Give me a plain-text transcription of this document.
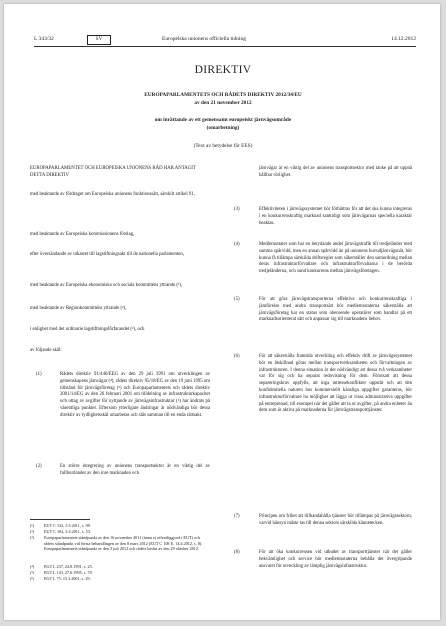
L 343/32	SV	Europeiska unionens officiella tidning	14.12.2012
DIREKTIV
EUROPAPARLAMENTETS OCH RÅDETS DIREKTIV 2012/34/EU
av den 21 november 2012
om inrättande av ett gemensamt europeiskt järnvägsområde
(omarbetning)
(Text av betydelse för EES)
EUROPAPARLAMENTET OCH EUROPEISKA UNIONENS RÅD HAR ANTAGIT DETTA DIREKTIV
med beaktande av fördraget om Europeiska unionens funktionssätt, särskilt artikel 91,
med beaktande av Europeiska kommissionens förslag,
efter översändande av utkastet till lagstiftningsakt till de nationella parlamenten,
med beaktande av Europeiska ekonomiska och sociala kommitténs yttrande (¹),
med beaktande av Regionkommitténs yttrande (²),
i enlighet med det ordinarie lagstiftningsförfarandet (³), och
av följande skäl:
(1)	Rådets direktiv 91/440/EEG av den 29 juli 1991 om utvecklingen av gemenskapens järnvägar (⁴), rådets direktiv 95/18/EG av den 19 juni 1995 om tillstånd för järnvägsföretag (⁵) och Europaparlamentets och rådets direktiv 2001/14/EG av den 26 februari 2001 om tilldelning av infrastrukturkapacitet och uttag av avgifter för nyttjande av järnvägsinfrastruktur (⁶) har ändrats på väsentliga punkter. Eftersom ytterligare ändringar är nödvändiga bör dessa direktiv av tydlighetsskäl omarbetas och slås samman till en enda rättsakt.
(2)	En större integrering av unionens transportsektor är en viktig del av fullbordandet av den inre marknaden och
(¹) EUT C 132, 3.5.2011, s. 99.
(²) EUT C 104, 2.4.2011, s. 53.
(³) Europaparlamentets ståndpunkt av den 16 november 2011 (ännu ej offentliggjord i EUT) och rådets ståndpunkt vid första behandlingen av den 8 mars 2012 (EUT C 108 E, 14.4.2012, s. 8). Europaparlamentets ståndpunkt av den 3 juli 2012 och rådets beslut av den 29 oktober 2012.
(⁴) EGT L 237, 24.8.1991, s. 25.
(⁵) EGT L 143, 27.6.1995, s. 70.
(⁶) EGT L 75, 15.3.2001, s. 29.
järnvägar är en viktig del av unionens transportsektor med tanke på att uppnå hållbar rörlighet.
(3)	Effektiviteten i järnvägssystemet bör förbättras för att det ska kunna integreras i en konkurrenskraftig marknad samtidigt som järnvägarnas speciella karaktär beaktas.
(4)	Medlemsstater som har en betydande andel järnvägstrafik till tredjeländer med samma spårvidd, men en annan spårvidd än på unionens huvudjärnvägsnät, bör kunna få tillämpa särskilda driftsregler som säkerställer den samordning mellan deras infrastrukturförvaltare och infrastrukturförvaltarna i de berörda tredjeländerna, och sund konkurrens mellan järnvägsföretagen.
(5)	För att göra järnvägstransporterna effektiva och konkurrenskraftiga i jämförelse med andra transportsätt bör medlemsstaterna säkerställa att järnvägsföretag har en status som oberoende operatörer som handlar på ett marknadsorienterat sätt och anpassar sig till marknadens behov.
(6)	För att säkerställa framtida utveckling och effektiv drift av järnvägssystemet bör en åtskillnad göras mellan transportverksamheten och förvaltningen av infrastrukturen. I denna situation är det nödvändigt att dessa två verksamheter var för sig och ha separat redovisning för dem. Förutsatt att dessa separeringskrav uppfylls, att inga intressekonflikter uppstår och att den konfidentiella naturen hos kommersiellt känsliga uppgifter garanteras, bör infrastrukturförvaltare ha möjlighet att lägga ut vissa administrativa uppgifter på entreprenad, till exempel när det gäller att ta ut avgifter, på andra enheter än dem som är aktiva på marknaderna för järnvägstransporttjänster.
(7)	Principen om frihet att tillhandahålla tjänster bör tillämpas på järnvägssektorn, varvid hänsyn måste tas till denna sektors särskilda kännetecken.
(8)	För att öka konkurrensen vid utbudet av transporttjänster när det gäller bekvämlighet och service bör medlemsstaterna behålla det övergripande ansvaret för utveckling av lämplig järnvägsinfrastruktur.
